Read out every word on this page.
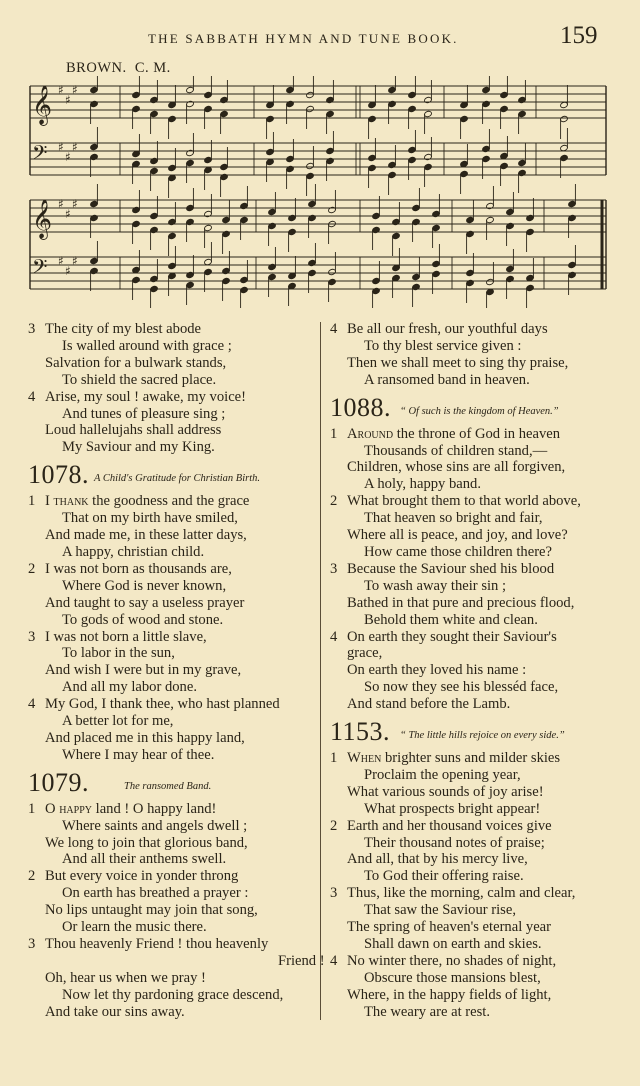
THE SABBATH HYMN AND TUNE BOOK.	159
BROWN. C. M.
𝄞 ♯
♯
♯
𝄢 ♯
♯
♯
𝄞 ♯
♯
♯
𝄢 ♯
♯
♯
3 The city of my blest abode
Is walled around with grace ;
Salvation for a bulwark stands,
To shield the sacred place.
4 Arise, my soul ! awake, my voice!
And tunes of pleasure sing ;
Loud hallelujahs shall address
My Saviour and my King.
1078. A Child's Gratitude for Christian Birth.
1 I thank the goodness and the grace
That on my birth have smiled,
And made me, in these latter days,
A happy, christian child.
2 I was not born as thousands are,
Where God is never known,
And taught to say a useless prayer
To gods of wood and stone.
3 I was not born a little slave,
To labor in the sun,
And wish I were but in my grave,
And all my labor done.
4 My God, I thank thee, who hast planned
A better lot for me,
And placed me in this happy land,
Where I may hear of thee.
1079.	The ransomed Band.
1 O happy land ! O happy land!
Where saints and angels dwell ;
We long to join that glorious band,
And all their anthems swell.
2 But every voice in yonder throng
On earth has breathed a prayer :
No lips untaught may join that song,
Or learn the music there.
3 Thou heavenly Friend ! thou heavenly
Friend !
Oh, hear us when we pray !
Now let thy pardoning grace descend,
And take our sins away.
4 Be all our fresh, our youthful days
To thy blest service given :
Then we shall meet to sing thy praise,
A ransomed band in heaven.
1088. “ Of such is the kingdom of Heaven.”
1 Around the throne of God in heaven
Thousands of children stand,—
Children, whose sins are all forgiven,
A holy, happy band.
2 What brought them to that world above,
That heaven so bright and fair,
Where all is peace, and joy, and love?
How came those children there?
3 Because the Saviour shed his blood
To wash away their sin ;
Bathed in that pure and precious flood,
Behold them white and clean.
4 On earth they sought their Saviour's
grace,
On earth they loved his name :
So now they see his blesséd face,
And stand before the Lamb.
1153. “ The little hills rejoice on every side.”
1 When brighter suns and milder skies
Proclaim the opening year,
What various sounds of joy arise!
What prospects bright appear!
2 Earth and her thousand voices give
Their thousand notes of praise;
And all, that by his mercy live,
To God their offering raise.
3 Thus, like the morning, calm and clear,
That saw the Saviour rise,
The spring of heaven's eternal year
Shall dawn on earth and skies.
4 No winter there, no shades of night,
Obscure those mansions blest,
Where, in the happy fields of light,
The weary are at rest.
